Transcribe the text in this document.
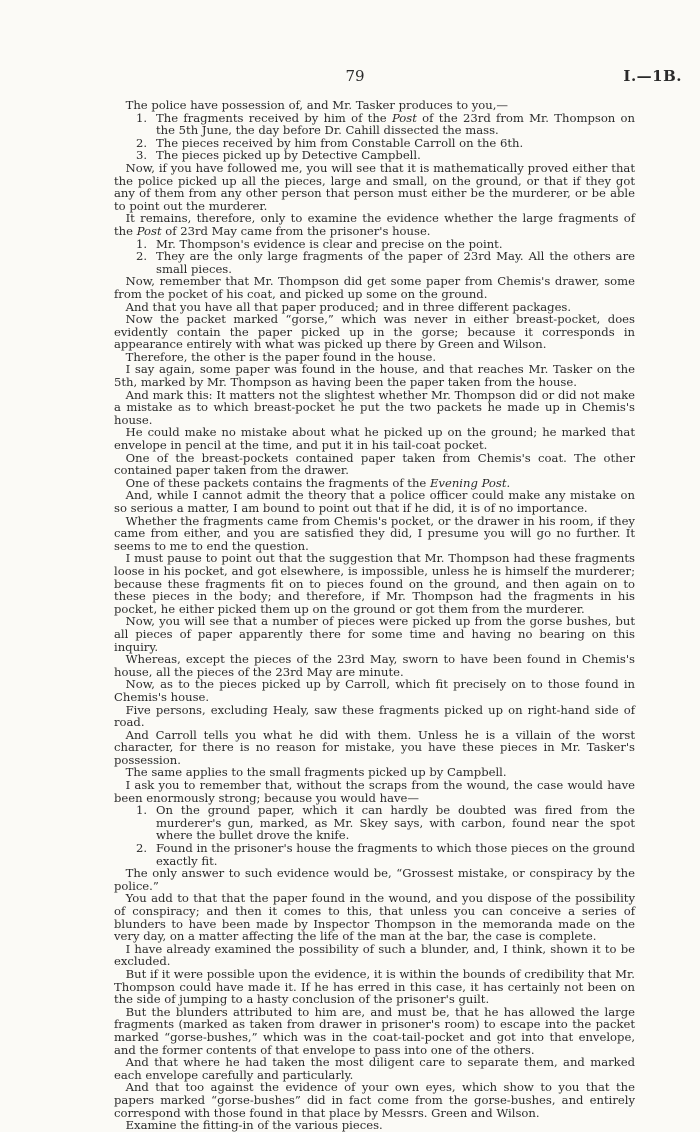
79	I.—1B.

The police have possession of, and Mr. Tasker produces to you,—

1. The fragments received by him of the Post of the 23rd from Mr. Thompson on the 5th June, the day before Dr. Cahill dissected the mass.

2. The pieces received by him from Constable Carroll on the 6th.

3. The pieces picked up by Detective Campbell.

Now, if you have followed me, you will see that it is mathematically proved either that the police picked up all the pieces, large and small, on the ground, or that if they got any of them from any other person that person must either be the murderer, or be able to point out the murderer.

It remains, therefore, only to examine the evidence whether the large fragments of the Post of 23rd May came from the prisoner's house.

1. Mr. Thompson's evidence is clear and precise on the point.

2. They are the only large fragments of the paper of 23rd May. All the others are small pieces.

Now, remember that Mr. Thompson did get some paper from Chemis's drawer, some from the pocket of his coat, and picked up some on the ground.

And that you have all that paper produced; and in three different packages.

Now the packet marked “gorse,” which was never in either breast-pocket, does evidently contain the paper picked up in the gorse; because it corresponds in appearance entirely with what was picked up there by Green and Wilson.

Therefore, the other is the paper found in the house.

I say again, some paper was found in the house, and that reaches Mr. Tasker on the 5th, marked by Mr. Thompson as having been the paper taken from the house.

And mark this: It matters not the slightest whether Mr. Thompson did or did not make a mistake as to which breast-pocket he put the two packets he made up in Chemis's house.

He could make no mistake about what he picked up on the ground; he marked that envelope in pencil at the time, and put it in his tail-coat pocket.

One of the breast-pockets contained paper taken from Chemis's coat. The other contained paper taken from the drawer.

One of these packets contains the fragments of the Evening Post.

And, while I cannot admit the theory that a police officer could make any mistake on so serious a matter, I am bound to point out that if he did, it is of no importance.

Whether the fragments came from Chemis's pocket, or the drawer in his room, if they came from either, and you are satisfied they did, I presume you will go no further. It seems to me to end the question.

I must pause to point out that the suggestion that Mr. Thompson had these fragments loose in his pocket, and got elsewhere, is impossible, unless he is himself the murderer; because these fragments fit on to pieces found on the ground, and then again on to these pieces in the body; and therefore, if Mr. Thompson had the fragments in his pocket, he either picked them up on the ground or got them from the murderer.

Now, you will see that a number of pieces were picked up from the gorse bushes, but all pieces of paper apparently there for some time and having no bearing on this inquiry.

Whereas, except the pieces of the 23rd May, sworn to have been found in Chemis's house, all the pieces of the 23rd May are minute.

Now, as to the pieces picked up by Carroll, which fit precisely on to those found in Chemis's house.

Five persons, excluding Healy, saw these fragments picked up on right-hand side of road.

And Carroll tells you what he did with them. Unless he is a villain of the worst character, for there is no reason for mistake, you have these pieces in Mr. Tasker's possession.

The same applies to the small fragments picked up by Campbell.

I ask you to remember that, without the scraps from the wound, the case would have been enormously strong; because you would have—

1. On the ground paper, which it can hardly be doubted was fired from the murderer's gun, marked, as Mr. Skey says, with carbon, found near the spot where the bullet drove the knife.

2. Found in the prisoner's house the fragments to which those pieces on the ground exactly fit.

The only answer to such evidence would be, “Grossest mistake, or conspiracy by the police.”

You add to that that the paper found in the wound, and you dispose of the possibility of conspiracy; and then it comes to this, that unless you can conceive a series of blunders to have been made by Inspector Thompson in the memoranda made on the very day, on a matter affecting the life of the man at the bar, the case is complete.

I have already examined the possibility of such a blunder, and, I think, shown it to be excluded.

But if it were possible upon the evidence, it is within the bounds of credibility that Mr. Thompson could have made it. If he has erred in this case, it has certainly not been on the side of jumping to a hasty conclusion of the prisoner's guilt.

But the blunders attributed to him are, and must be, that he has allowed the large fragments (marked as taken from drawer in prisoner's room) to escape into the packet marked “gorse-bushes,” which was in the coat-tail-pocket and got into that envelope, and the former contents of that envelope to pass into one of the others.

And that where he had taken the most diligent care to separate them, and marked each envelope carefully and particularly.

And that too against the evidence of your own eyes, which show to you that the papers marked “gorse-bushes” did in fact come from the gorse-bushes, and entirely correspond with those found in that place by Messrs. Green and Wilson.

Examine the fitting-in of the various pieces.
